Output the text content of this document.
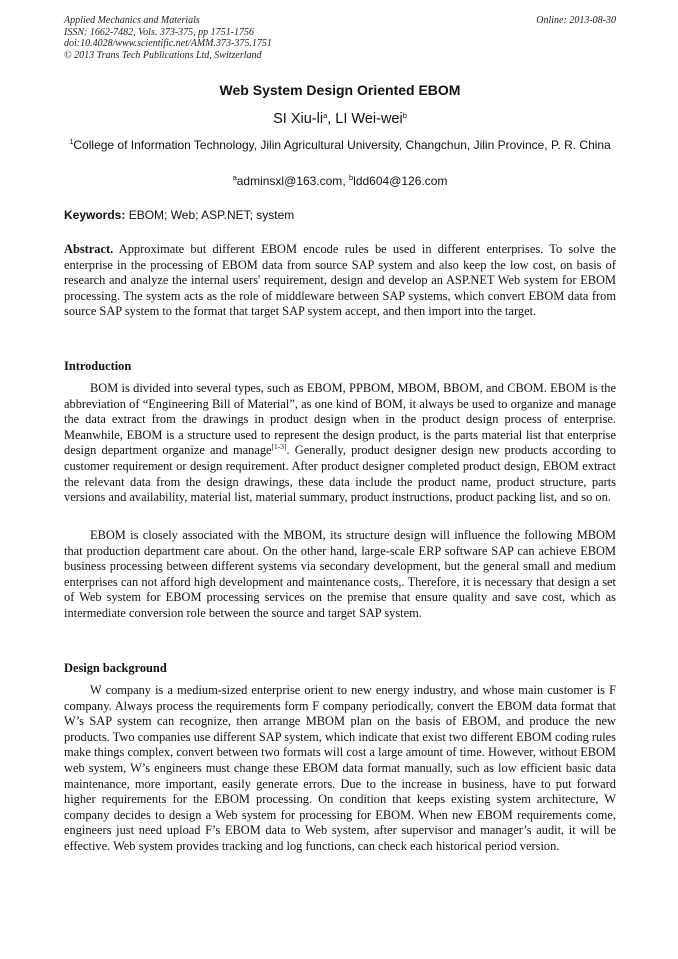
Applied Mechanics and Materials
ISSN: 1662-7482, Vols. 373-375, pp 1751-1756
doi:10.4028/www.scientific.net/AMM.373-375.1751
© 2013 Trans Tech Publications Ltd, Switzerland
Online: 2013-08-30
Web System Design Oriented EBOM
SI Xiu-$li^a$, LI Wei-wei$^b$
$^1$College of Information Technology, Jilin Agricultural University, Changchun, Jilin Province, P. R. China
$^a$adminsxl@163.com, $^b$ldd604@126.com
Keywords: EBOM; Web; ASP.NET; system

Abstract. Approximate but different EBOM encode rules be used in different enterprises. To solve the enterprise in the processing of EBOM data from source SAP system and also keep the low cost, on basis of research and analyze the internal users' requirement, design and develop an ASP.NET Web system for EBOM processing. The system acts as the role of middleware between SAP systems, which convert EBOM data from source SAP system to the format that target SAP system accept, and then import into the target.

Introduction

BOM is divided into several types, such as EBOM, PPBOM, MBOM, BBOM, and CBOM. EBOM is the abbreviation of “Engineering Bill of Material”, as one kind of BOM, it always be used to organize and manage the data extract from the drawings in product design when in the product design process of enterprise. Meanwhile, EBOM is a structure used to represent the design product, is the parts material list that enterprise design department organize and manage[1-3]. Generally, product designer design new products according to customer requirement or design requirement. After product designer completed product design, EBOM extract the relevant data from the design drawings, these data include the product name, product structure, parts versions and availability, material list, material summary, product instructions, product packing list, and so on.

EBOM is closely associated with the MBOM, its structure design will influence the following MBOM that production department care about. On the other hand, large-scale ERP software SAP can achieve EBOM business processing between different systems via secondary development, but the general small and medium enterprises can not afford high development and maintenance costs,. Therefore, it is necessary that design a set of Web system for EBOM processing services on the premise that ensure quality and save cost, which as intermediate conversion role between the source and target SAP system.

Design background

W company is a medium-sized enterprise orient to new energy industry, and whose main customer is F company. Always process the requirements form F company periodically, convert the EBOM data format that W’s SAP system can recognize, then arrange MBOM plan on the basis of EBOM, and produce the new products. Two companies use different SAP system, which indicate that exist two different EBOM coding rules make things complex, convert between two formats will cost a large amount of time. However, without EBOM web system, W’s engineers must change these EBOM data format manually, such as low efficient basic data maintenance, more important, easily generate errors. Due to the increase in business, have to put forward higher requirements for the EBOM processing. On condition that keeps existing system architecture, W company decides to design a Web system for processing for EBOM. When new EBOM requirements come, engineers just need upload F’s EBOM data to Web system, after supervisor and manager’s audit, it will be effective. Web system provides tracking and log functions, can check each historical period version.
